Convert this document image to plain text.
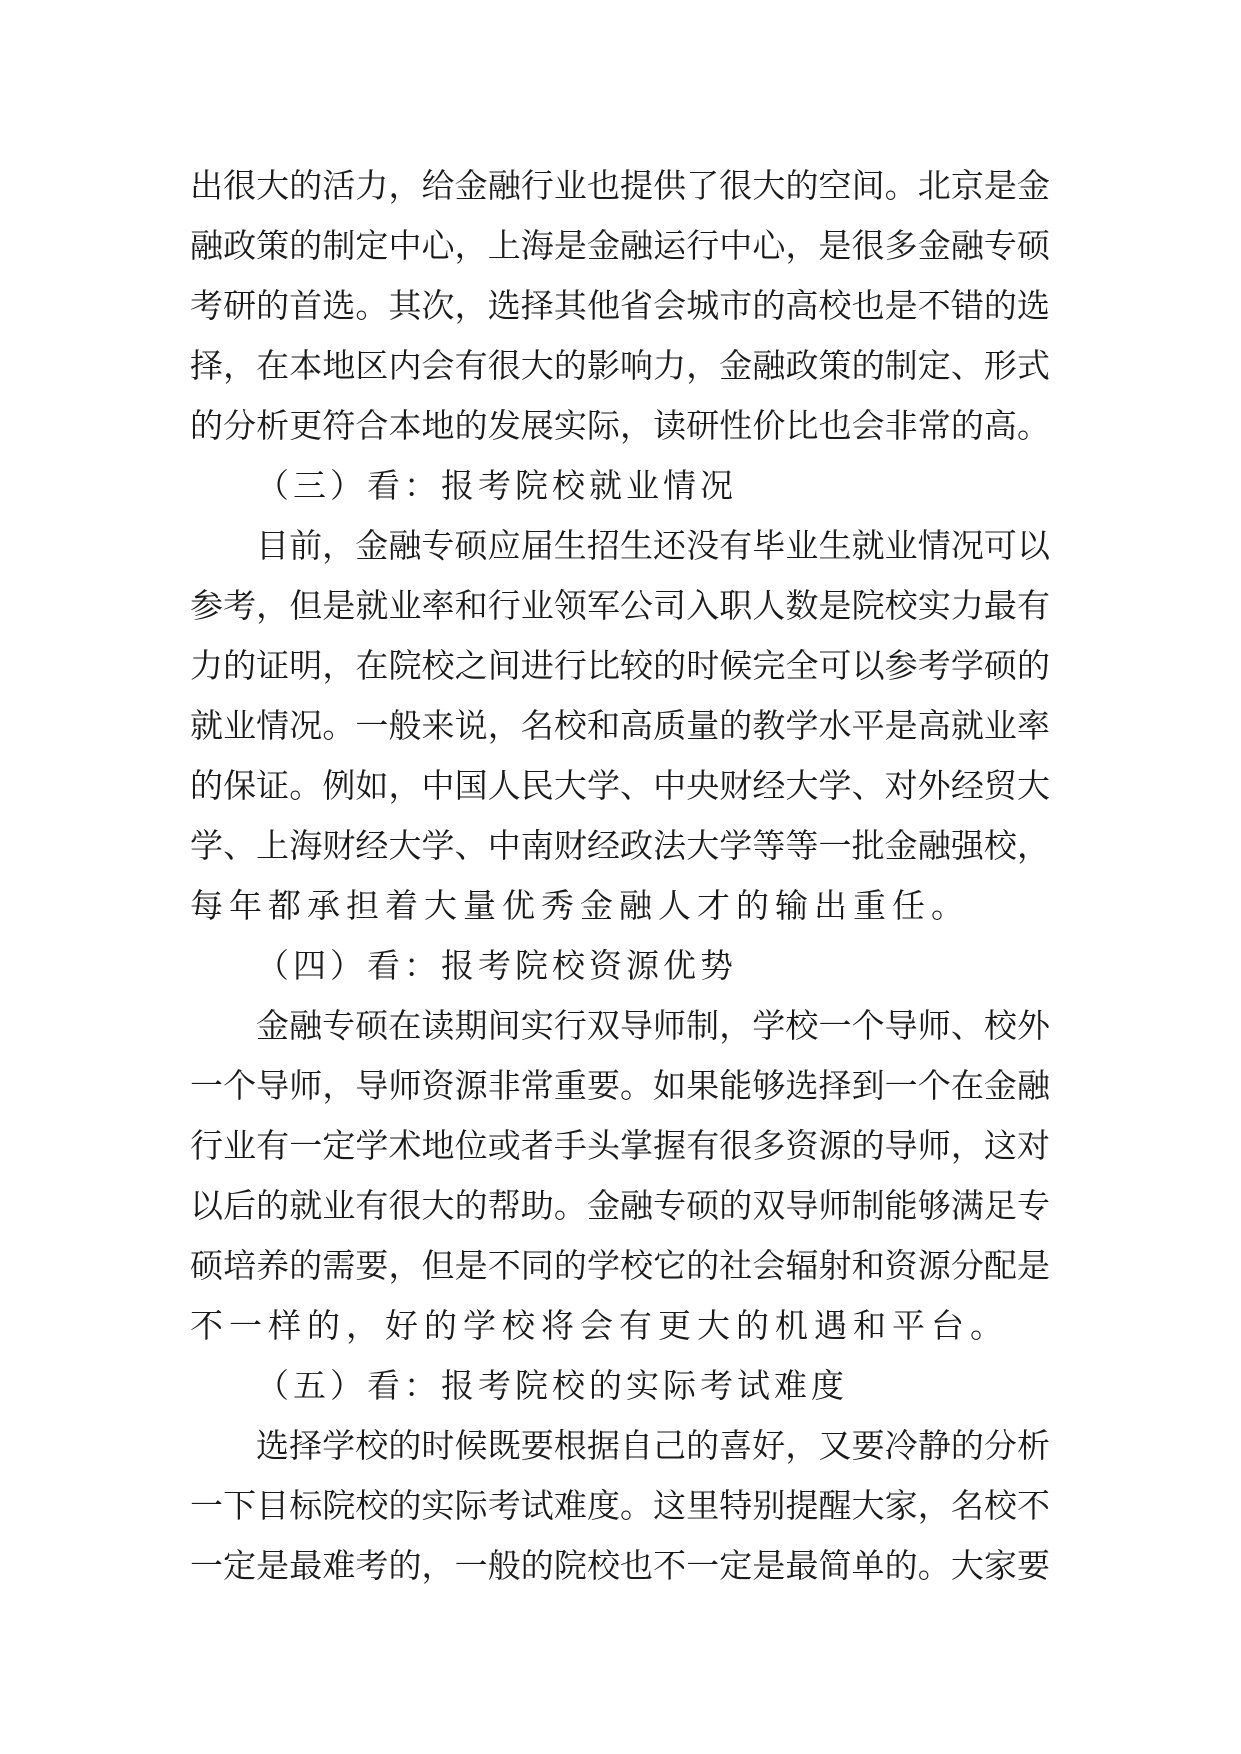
出很大的活力，给金融行业也提供了很大的空间。北京是金
融政策的制定中心，上海是金融运行中心，是很多金融专硕
考研的首选。其次，选择其他省会城市的高校也是不错的选
择，在本地区内会有很大的影响力，金融政策的制定、形式
的分析更符合本地的发展实际，读研性价比也会非常的高。
（三）看：报考院校就业情况
目前，金融专硕应届生招生还没有毕业生就业情况可以
参考，但是就业率和行业领军公司入职人数是院校实力最有
力的证明，在院校之间进行比较的时候完全可以参考学硕的
就业情况。一般来说，名校和高质量的教学水平是高就业率
的保证。例如，中国人民大学、中央财经大学、对外经贸大
学、上海财经大学、中南财经政法大学等等一批金融强校，
每年都承担着大量优秀金融人才的输出重任。
（四）看：报考院校资源优势
金融专硕在读期间实行双导师制，学校一个导师、校外
一个导师，导师资源非常重要。如果能够选择到一个在金融
行业有一定学术地位或者手头掌握有很多资源的导师，这对
以后的就业有很大的帮助。金融专硕的双导师制能够满足专
硕培养的需要，但是不同的学校它的社会辐射和资源分配是
不一样的，好的学校将会有更大的机遇和平台。
（五）看：报考院校的实际考试难度
选择学校的时候既要根据自己的喜好，又要冷静的分析
一下目标院校的实际考试难度。这里特别提醒大家，名校不
一定是最难考的，一般的院校也不一定是最简单的。大家要
